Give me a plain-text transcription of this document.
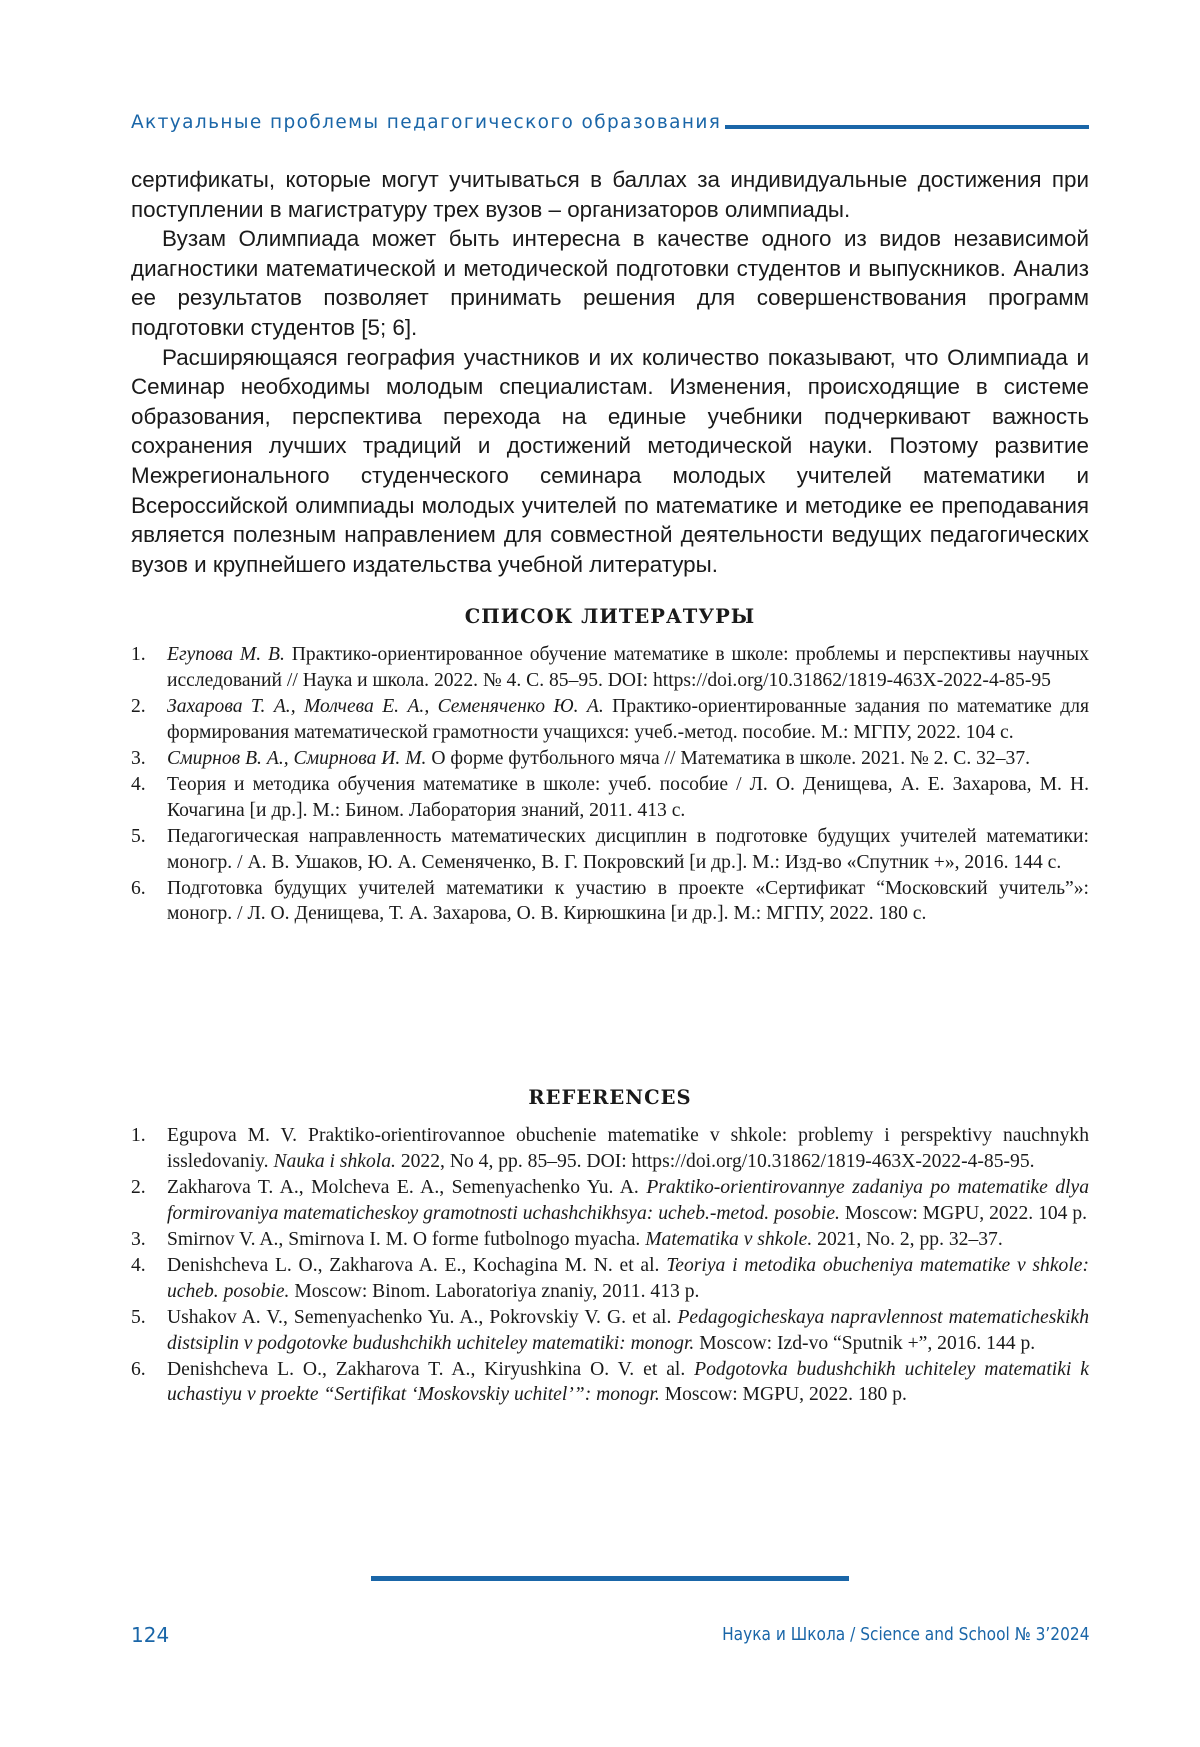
Актуальные проблемы педагогического образования

сертификаты, которые могут учитываться в баллах за индивидуальные достижения при поступлении в магистратуру трех вузов – организаторов олимпиады.

Вузам Олимпиада может быть интересна в качестве одного из видов независимой диагностики математической и методической подготовки студентов и выпускников. Анализ ее результатов позволяет принимать решения для совершенствования программ подготовки студентов [5; 6].

Расширяющаяся география участников и их количество показывают, что Олимпиада и Семинар необходимы молодым специалистам. Изменения, происходящие в системе образования, перспектива перехода на единые учебники подчеркивают важность сохранения лучших традиций и достижений методической науки. Поэтому развитие Межрегионального студенческого семинара молодых учителей математики и Всероссийской олимпиады молодых учителей по математике и методике ее преподавания является полезным направлением для совместной деятельности ведущих педагогических вузов и крупнейшего издательства учебной литературы.

СПИСОК ЛИТЕРАТУРЫ
1.	Егупова М. В. Практико-ориентированное обучение математике в школе: проблемы и перспективы научных исследований // Наука и школа. 2022. № 4. С. 85–95. DOI: https://doi.org/10.31862/1819-463X-2022-4-85-95
2.	Захарова Т. А., Молчева Е. А., Семеняченко Ю. А. Практико-ориентированные задания по математике для формирования математической грамотности учащихся: учеб.-метод. пособие. М.: МГПУ, 2022. 104 с.
3.	Смирнов В. А., Смирнова И. М. О форме футбольного мяча // Математика в школе. 2021. № 2. С. 32–37.
4.	Теория и методика обучения математике в школе: учеб. пособие / Л. О. Денищева, А. Е. Захарова, М. Н. Кочагина [и др.]. М.: Бином. Лаборатория знаний, 2011. 413 с.
5.	Педагогическая направленность математических дисциплин в подготовке будущих учителей математики: моногр. / А. В. Ушаков, Ю. А. Семеняченко, В. Г. Покровский [и др.]. М.: Изд-во «Спутник +», 2016. 144 с.
6.	Подготовка будущих учителей математики к участию в проекте «Сертификат “Московский учитель”»: моногр. / Л. О. Денищева, Т. А. Захарова, О. В. Кирюшкина [и др.]. М.: МГПУ, 2022. 180 с.
REFERENCES
1.	Egupova M. V. Praktiko-orientirovannoe obuchenie matematike v shkole: problemy i perspektivy nauchnykh issledovaniy. Nauka i shkola. 2022, No 4, pp. 85–95. DOI: https://doi.org/10.31862/1819-463X-2022-4-85-95.
2.	Zakharova T. A., Molcheva E. A., Semenyachenko Yu. A. Praktiko-orientirovannye zadaniya po matematike dlya formirovaniya matematicheskoy gramotnosti uchashchikhsya: ucheb.-metod. posobie. Moscow: MGPU, 2022. 104 p.
3.	Smirnov V. A., Smirnova I. M. O forme futbolnogo myacha. Matematika v shkole. 2021, No. 2, pp. 32–37.
4.	Denishcheva L. O., Zakharova A. E., Kochagina M. N. et al. Teoriya i metodika obucheniya matematike v shkole: ucheb. posobie. Moscow: Binom. Laboratoriya znaniy, 2011. 413 p.
5.	Ushakov A. V., Semenyachenko Yu. A., Pokrovskiy V. G. et al. Pedagogicheskaya napravlennost matematicheskikh distsiplin v podgotovke budushchikh uchiteley matematiki: monogr. Moscow: Izd-vo “Sputnik +”, 2016. 144 p.
6.	Denishcheva L. O., Zakharova T. A., Kiryushkina O. V. et al. Podgotovka budushchikh uchiteley matematiki k uchastiyu v proekte “Sertifikat ‘Moskovskiy uchitel’”: monogr. Moscow: MGPU, 2022. 180 p.
124	Наука и Школа / Science and School № 3’2024
